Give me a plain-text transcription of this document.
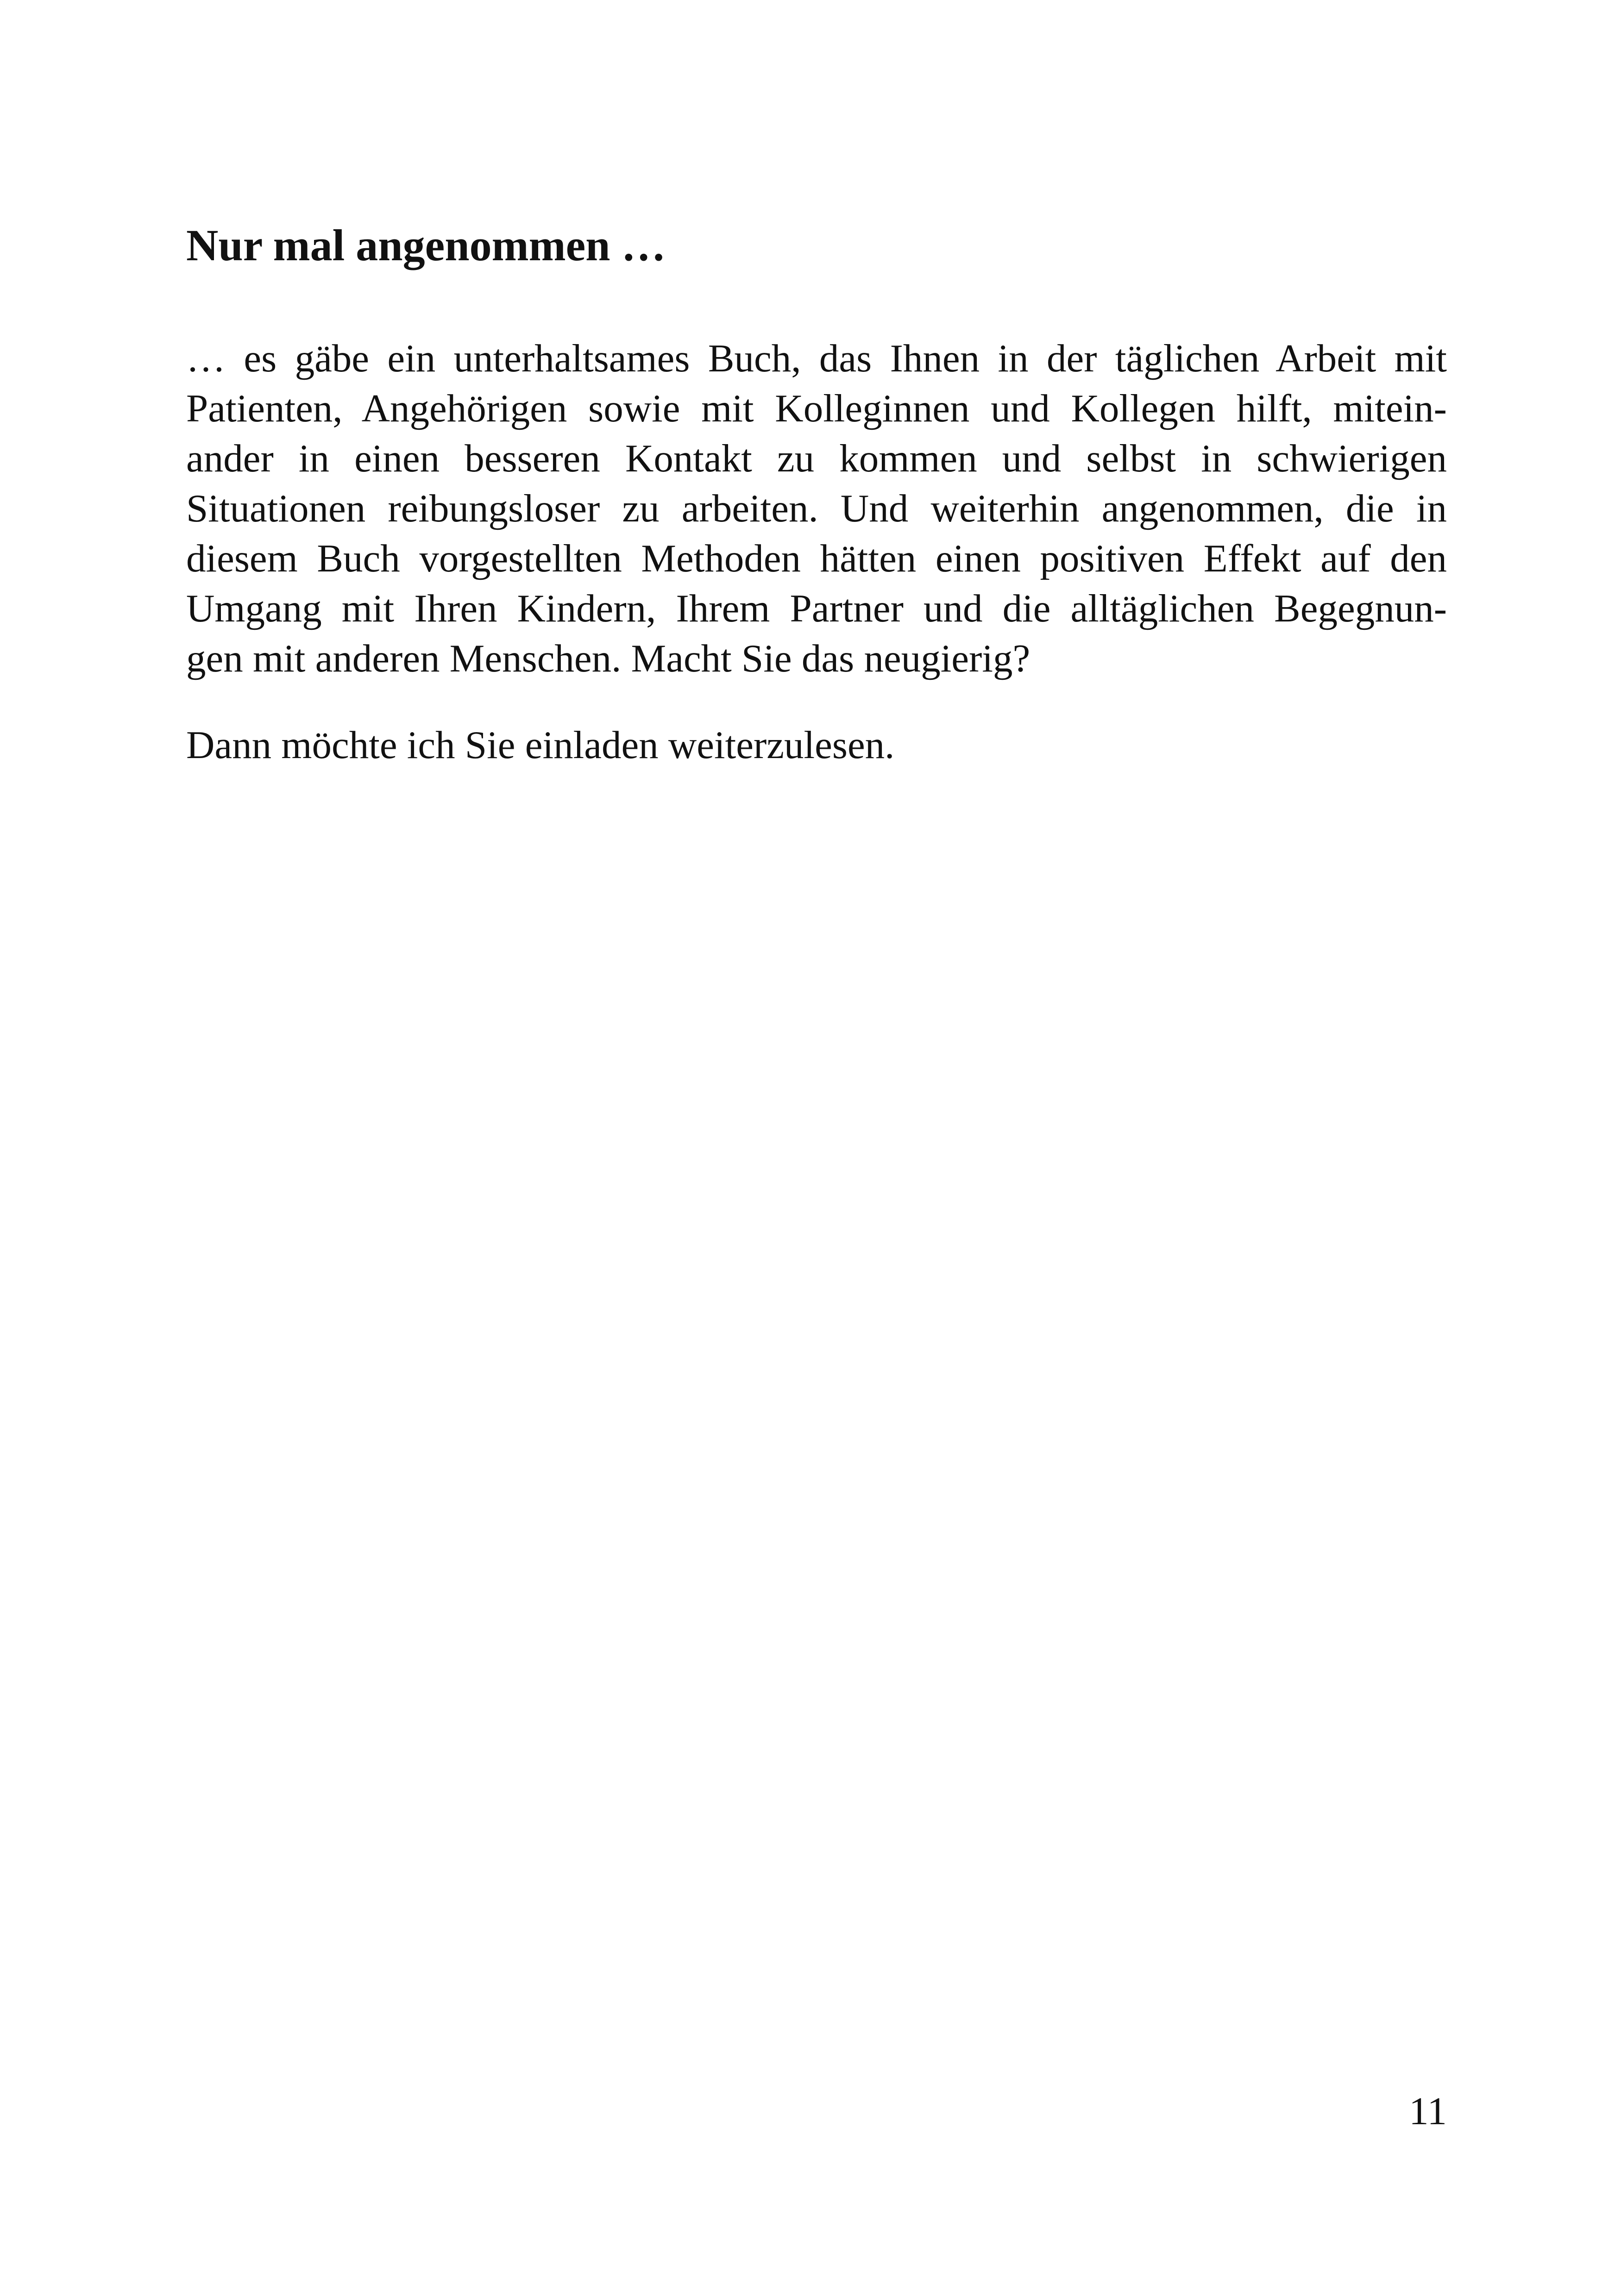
Nur mal angenommen …
… es gäbe ein unterhaltsames Buch, das Ihnen in der täglichen Arbeit mit
Patienten, Angehörigen sowie mit Kolleginnen und Kollegen hilft, mitein-
ander in einen besseren Kontakt zu kommen und selbst in schwierigen
Situationen reibungsloser zu arbeiten. Und weiterhin angenommen, die in
diesem Buch vorgestellten Methoden hätten einen positiven Effekt auf den
Umgang mit Ihren Kindern, Ihrem Partner und die alltäglichen Begegnun-
gen mit anderen Menschen. Macht Sie das neugierig?

Dann möchte ich Sie einladen weiterzulesen.

11
